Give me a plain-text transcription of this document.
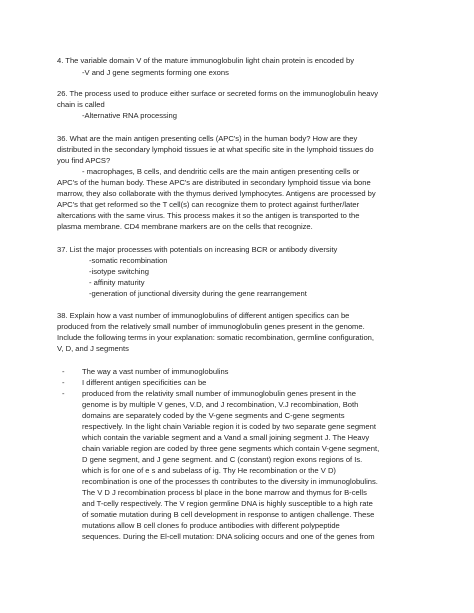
4. The variable domain V of the mature immunoglobulin light chain protein is encoded by
-V and J gene segments forming one exons
26. The process used to produce either surface or secreted forms on the immunoglobulin heavy
chain is called
-Alternative RNA processing
36. What are the main antigen presenting cells (APC's) in the human body? How are they
distributed in the secondary lymphoid tissues ie at what specific site in the lymphoid tissues do
you find APCS?
- macrophages, B cells, and dendritic cells are the main antigen presenting cells or
APC's of the human body. These APC's are distributed in secondary lymphoid tissue via bone
marrow, they also collaborate with the thymus derived lymphocytes. Antigens are processed by
APC's that get reformed so the T cell(s) can recognize them to protect against further/later
altercations with the same virus. This process makes it so the antigen is transported to the
plasma membrane. CD4 membrane markers are on the cells that recognize.
37. List the major processes with potentials on increasing BCR or antibody diversity
-somatic recombination
-isotype switching
- affinity maturity
-generation of junctional diversity during the gene rearrangement
38. Explain how a vast number of immunoglobulins of different antigen specifics can be
produced from the relatively small number of immunoglobulin genes present in the genome.
Include the following terms in your explanation: somatic recombination, germline configuration,
V, D, and J segments
- The way a vast number of immunoglobulins
- I different antigen specificities can be
- produced from the relativity small number of immunoglobulin genes present in the
genome is by multiple V genes, V.D, and J recombination, V.J recombination, Both
domains are separately coded by the V-gene segments and C-gene segments
respectively. In the light chain Variable region it is coded by two separate gene segment
which contain the variable segment and a Vand a small joining segment J. The Heavy
chain variable region are coded by three gene segments which contain V-gene segment,
D gene segment, and J gene segment. and C (constant) region exons regions of Is.
which is for one of e s and subelass of ig. Thy He recombination or the V D)
recombination is one of the processes th contributes to the diversity in immunoglobulins.
The V D J recombination process bl place in the bone marrow and thymus for B-cells
and T-celly respectively. The V region germline DNA is highly susceptible to a high rate
of somatie mutation during B cell development in response to antigen challenge. These
mutations allow B cell clones fo produce antibodies with different polypeptide
sequences. During the El-cell mutation: DNA solicing occurs and one of the genes from
